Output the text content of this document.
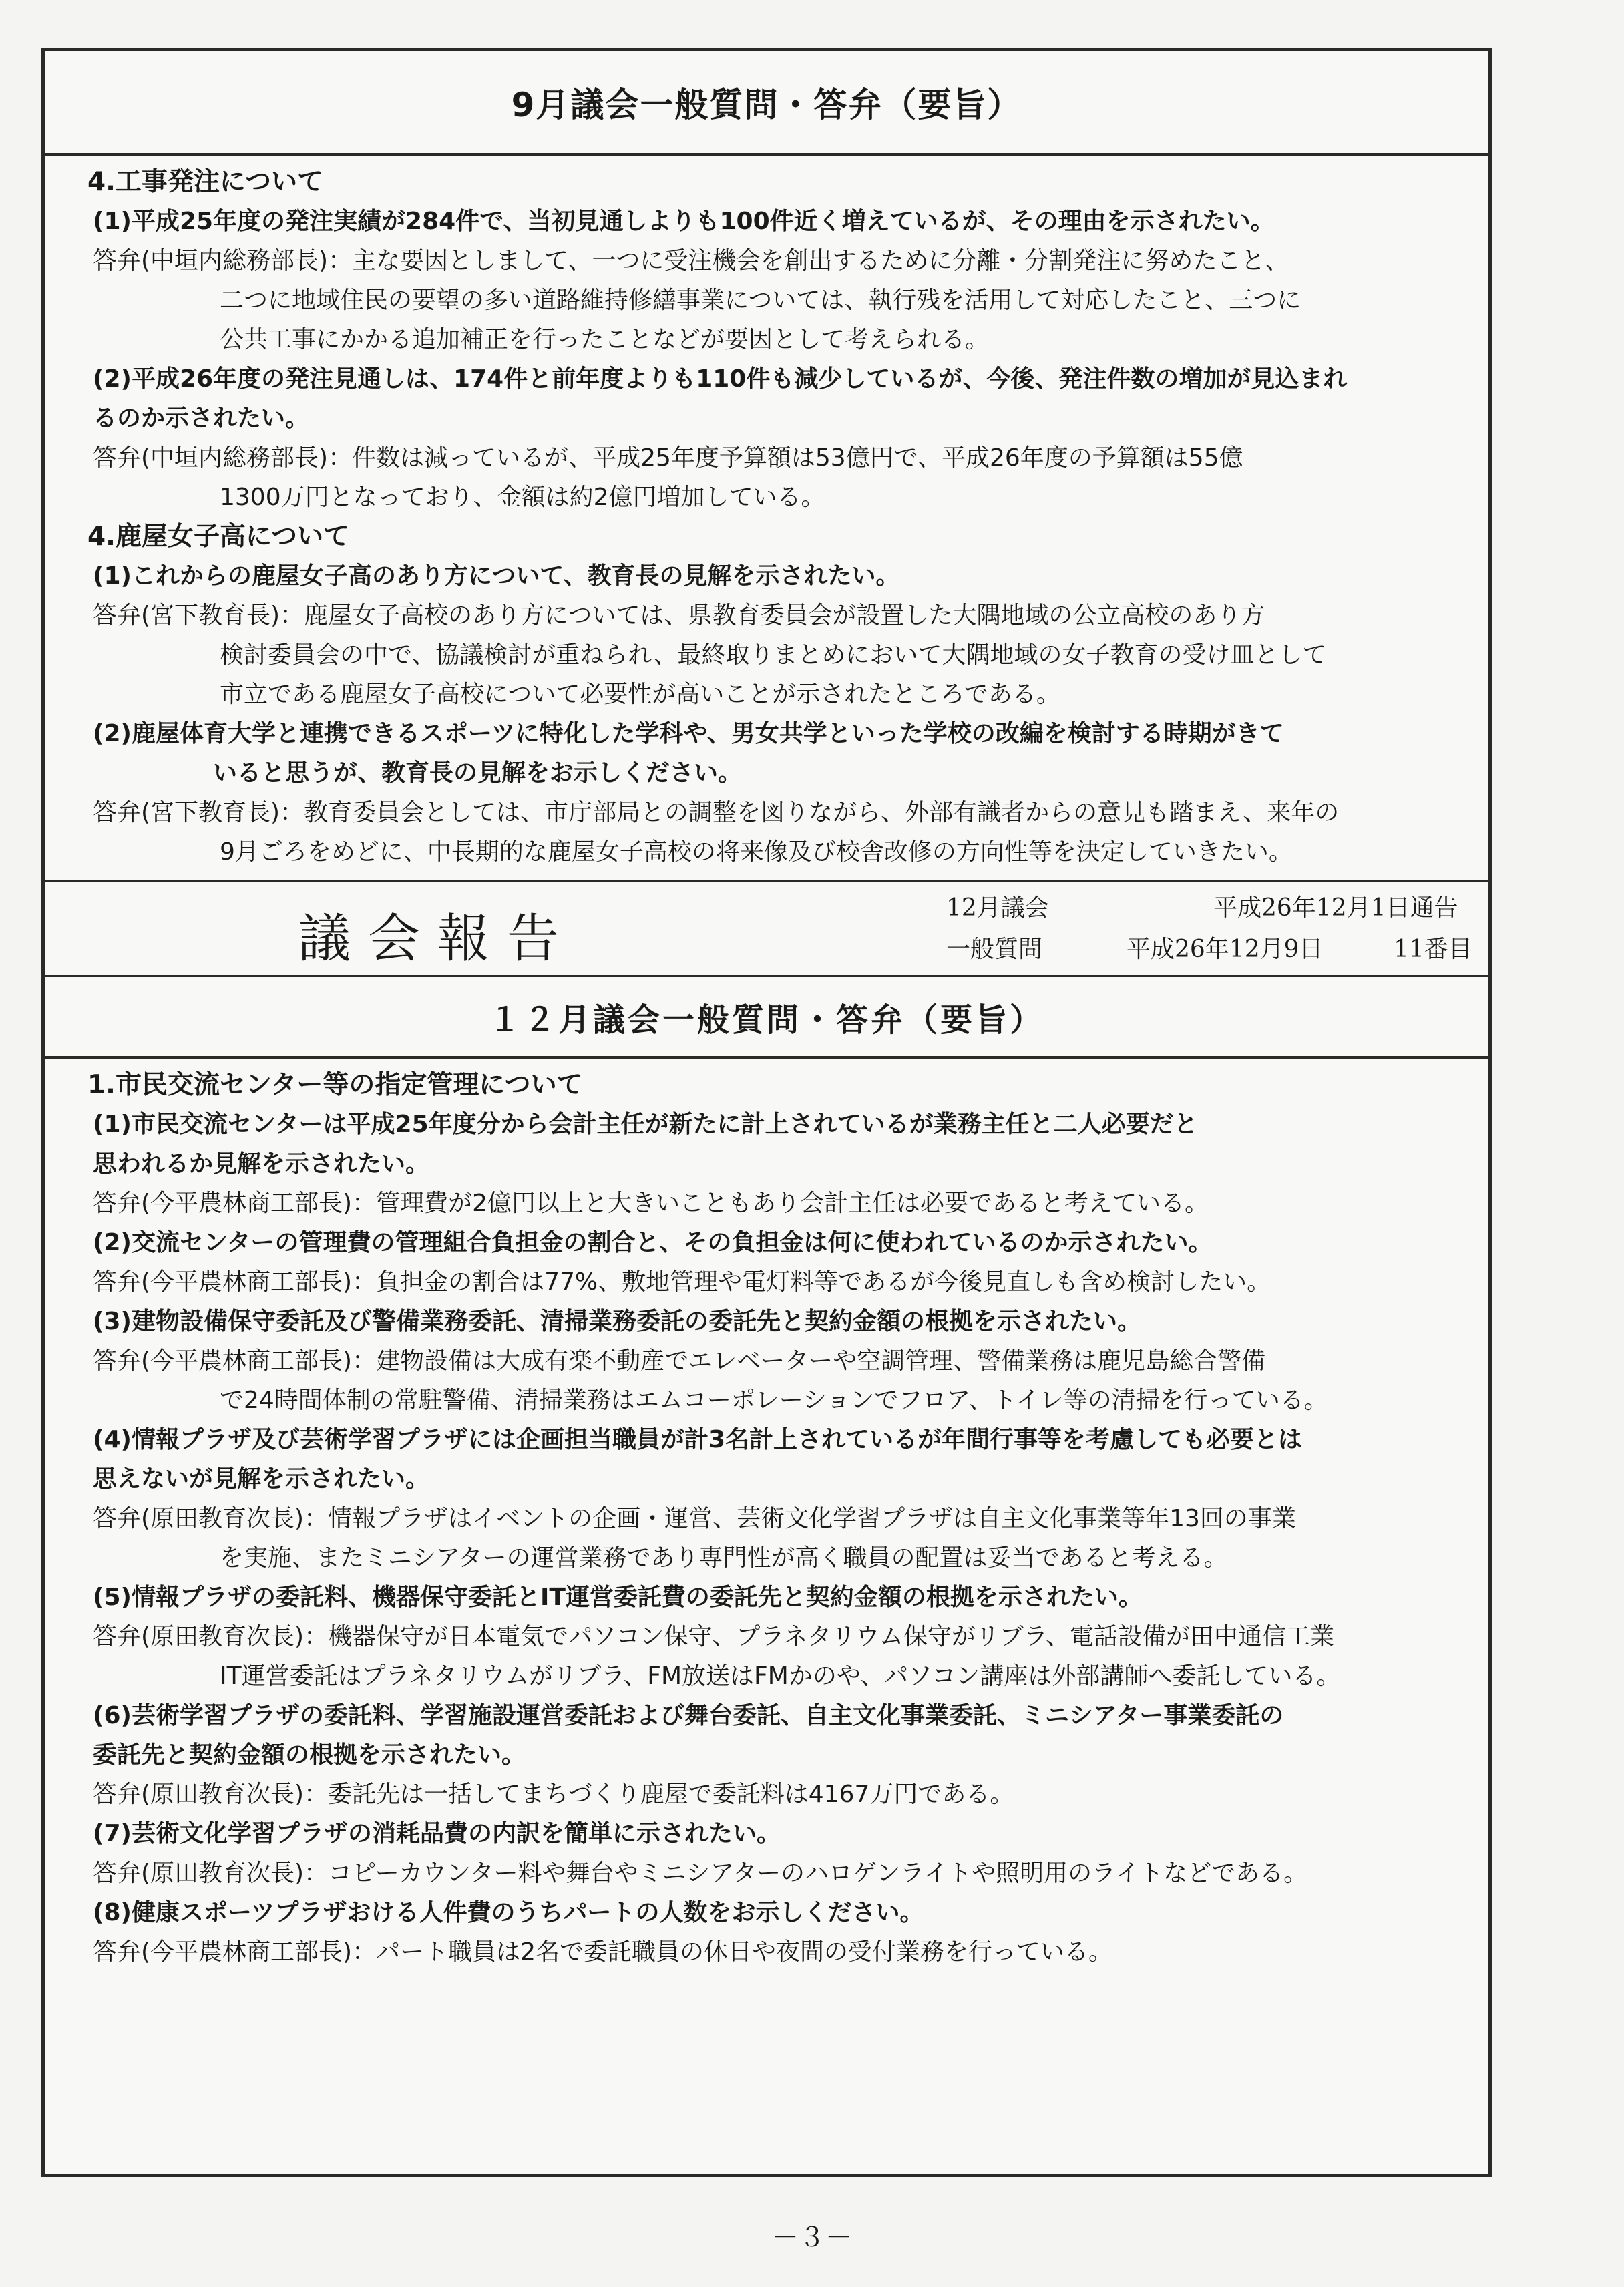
9月議会一般質問・答弁（要旨）
4.工事発注について
(1)平成25年度の発注実績が284件で、当初見通しよりも100件近く増えているが、その理由を示されたい。
答弁(中垣内総務部長)：主な要因としまして、一つに受注機会を創出するために分離・分割発注に努めたこと、
二つに地域住民の要望の多い道路維持修繕事業については、執行残を活用して対応したこと、三つに
公共工事にかかる追加補正を行ったことなどが要因として考えられる。
(2)平成26年度の発注見通しは、174件と前年度よりも110件も減少しているが、今後、発注件数の増加が見込まれ
るのか示されたい。
答弁(中垣内総務部長)：件数は減っているが、平成25年度予算額は53億円で、平成26年度の予算額は55億
1300万円となっており、金額は約2億円増加している。
4.鹿屋女子高について
(1)これからの鹿屋女子高のあり方について、教育長の見解を示されたい。
答弁(宮下教育長)：鹿屋女子高校のあり方については、県教育委員会が設置した大隅地域の公立高校のあり方
検討委員会の中で、協議検討が重ねられ、最終取りまとめにおいて大隅地域の女子教育の受け皿として
市立である鹿屋女子高校について必要性が高いことが示されたところである。
(2)鹿屋体育大学と連携できるスポーツに特化した学科や、男女共学といった学校の改編を検討する時期がきて
いると思うが、教育長の見解をお示しください。
答弁(宮下教育長)：教育委員会としては、市庁部局との調整を図りながら、外部有識者からの意見も踏まえ、来年の
9月ごろをめどに、中長期的な鹿屋女子高校の将来像及び校舎改修の方向性等を決定していきたい。
議会報告
12月議会	平成26年12月1日通告
一般質問	平成26年12月9日	11番目
１２月議会一般質問・答弁（要旨）
1.市民交流センター等の指定管理について
(1)市民交流センターは平成25年度分から会計主任が新たに計上されているが業務主任と二人必要だと
思われるか見解を示されたい。
答弁(今平農林商工部長)：管理費が2億円以上と大きいこともあり会計主任は必要であると考えている。
(2)交流センターの管理費の管理組合負担金の割合と、その負担金は何に使われているのか示されたい。
答弁(今平農林商工部長)：負担金の割合は77%、敷地管理や電灯料等であるが今後見直しも含め検討したい。
(3)建物設備保守委託及び警備業務委託、清掃業務委託の委託先と契約金額の根拠を示されたい。
答弁(今平農林商工部長)：建物設備は大成有楽不動産でエレベーターや空調管理、警備業務は鹿児島総合警備
で24時間体制の常駐警備、清掃業務はエムコーポレーションでフロア、トイレ等の清掃を行っている。
(4)情報プラザ及び芸術学習プラザには企画担当職員が計3名計上されているが年間行事等を考慮しても必要とは
思えないが見解を示されたい。
答弁(原田教育次長)：情報プラザはイベントの企画・運営、芸術文化学習プラザは自主文化事業等年13回の事業
を実施、またミニシアターの運営業務であり専門性が高く職員の配置は妥当であると考える。
(5)情報プラザの委託料、機器保守委託とIT運営委託費の委託先と契約金額の根拠を示されたい。
答弁(原田教育次長)：機器保守が日本電気でパソコン保守、プラネタリウム保守がリブラ、電話設備が田中通信工業
IT運営委託はプラネタリウムがリブラ、FM放送はFMかのや、パソコン講座は外部講師へ委託している。
(6)芸術学習プラザの委託料、学習施設運営委託および舞台委託、自主文化事業委託、ミニシアター事業委託の
委託先と契約金額の根拠を示されたい。
答弁(原田教育次長)：委託先は一括してまちづくり鹿屋で委託料は4167万円である。
(7)芸術文化学習プラザの消耗品費の内訳を簡単に示されたい。
答弁(原田教育次長)：コピーカウンター料や舞台やミニシアターのハロゲンライトや照明用のライトなどである。
(8)健康スポーツプラザおける人件費のうちパートの人数をお示しください。
答弁(今平農林商工部長)：パート職員は2名で委託職員の休日や夜間の受付業務を行っている。
－３－
